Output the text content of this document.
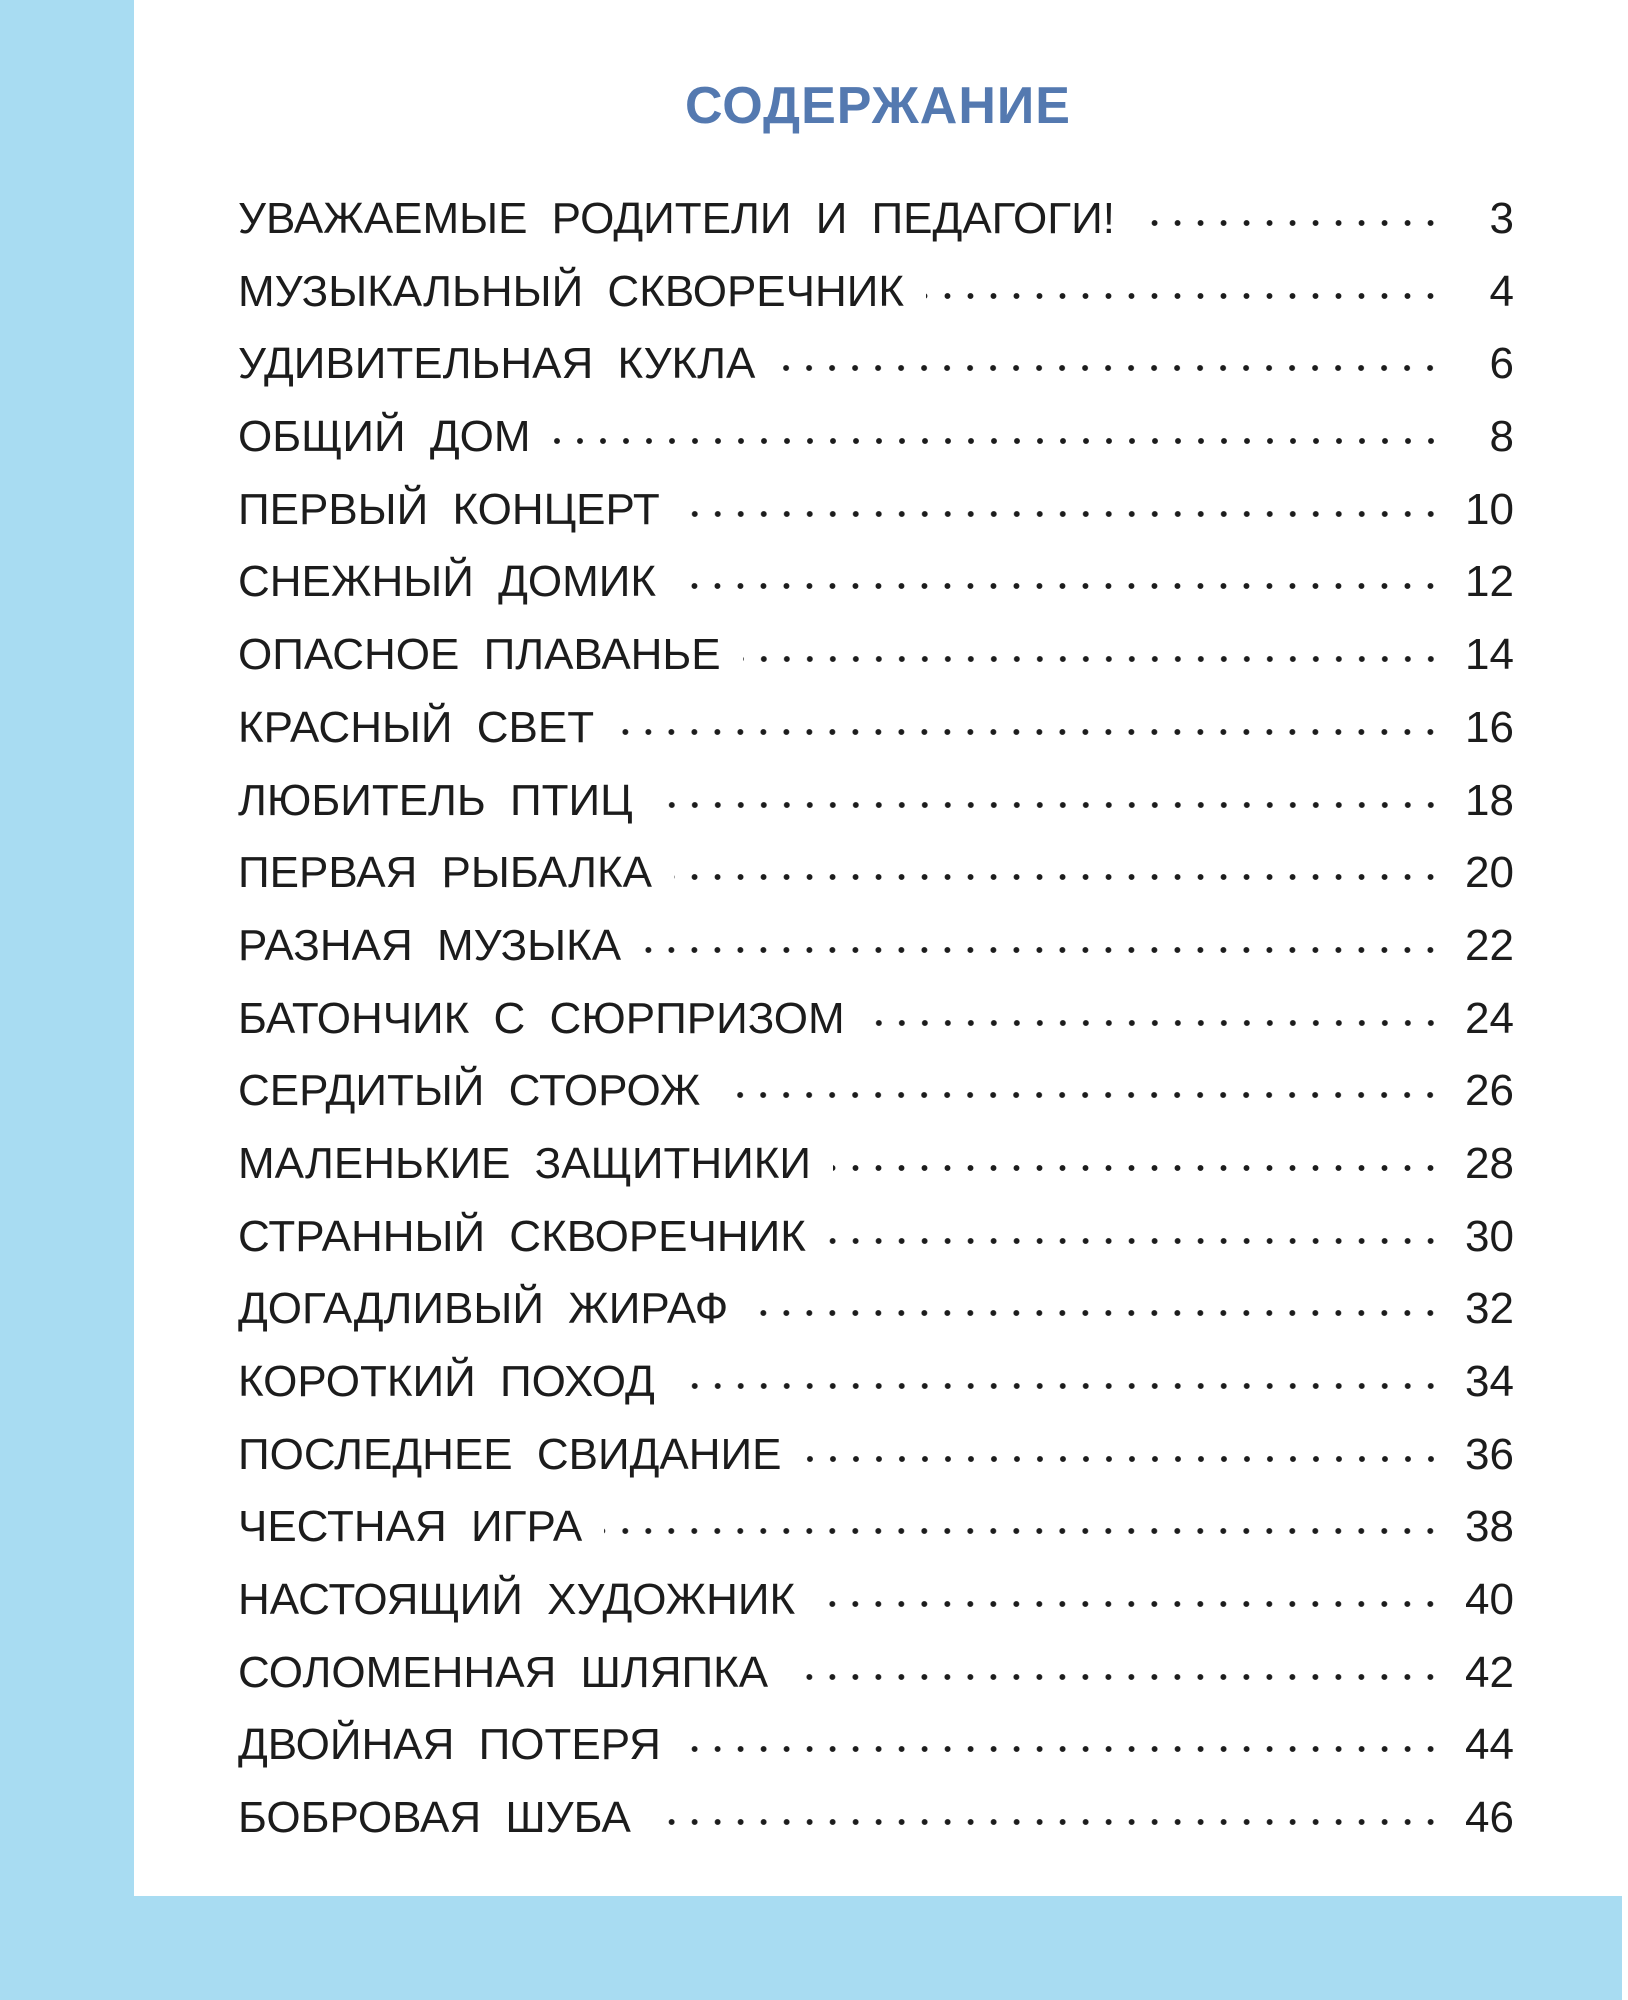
СОДЕРЖАНИЕ
УВАЖАЕМЫЕ РОДИТЕЛИ И ПЕДАГОГИ!	3
МУЗЫКАЛЬНЫЙ СКВОРЕЧНИК	4
УДИВИТЕЛЬНАЯ КУКЛА	6
ОБЩИЙ ДОМ	8
ПЕРВЫЙ КОНЦЕРТ	10
СНЕЖНЫЙ ДОМИК	12
ОПАСНОЕ ПЛАВАНЬЕ	14
КРАСНЫЙ СВЕТ	16
ЛЮБИТЕЛЬ ПТИЦ	18
ПЕРВАЯ РЫБАЛКА	20
РАЗНАЯ МУЗЫКА	22
БАТОНЧИК С СЮРПРИЗОМ	24
СЕРДИТЫЙ СТОРОЖ	26
МАЛЕНЬКИЕ ЗАЩИТНИКИ	28
СТРАННЫЙ СКВОРЕЧНИК	30
ДОГАДЛИВЫЙ ЖИРАФ	32
КОРОТКИЙ ПОХОД	34
ПОСЛЕДНЕЕ СВИДАНИЕ	36
ЧЕСТНАЯ ИГРА	38
НАСТОЯЩИЙ ХУДОЖНИК	40
СОЛОМЕННАЯ ШЛЯПКА	42
ДВОЙНАЯ ПОТЕРЯ	44
БОБРОВАЯ ШУБА	46
